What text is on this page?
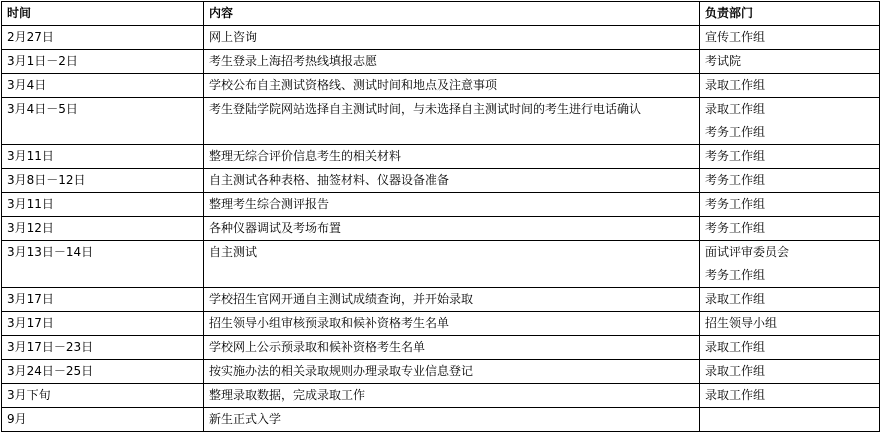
时间	内容	负责部门
2月27日	网上咨询	宣传工作组

3月1日－2日	考生登录上海招考热线填报志愿	考试院

3月4日	学校公布自主测试资格线、测试时间和地点及注意事项	录取工作组

3月4日－5日	考生登陆学院网站选择自主测试时间，与未选择自主测试时间的考生进行电话确认	录取工作组
考务工作组

3月11日	整理无综合评价信息考生的相关材料	考务工作组

3月8日－12日	自主测试各种表格、抽签材料、仪器设备准备	考务工作组

3月11日	整理考生综合测评报告	考务工作组

3月12日	各种仪器调试及考场布置	考务工作组

3月13日－14日	自主测试	面试评审委员会
考务工作组

3月17日	学校招生官网开通自主测试成绩查询，并开始录取	录取工作组

3月17日	招生领导小组审核预录取和候补资格考生名单	招生领导小组

3月17日－23日	学校网上公示预录取和候补资格考生名单	录取工作组

3月24日－25日	按实施办法的相关录取规则办理录取专业信息登记	录取工作组

3月下旬	整理录取数据，完成录取工作	录取工作组

9月	新生正式入学	
